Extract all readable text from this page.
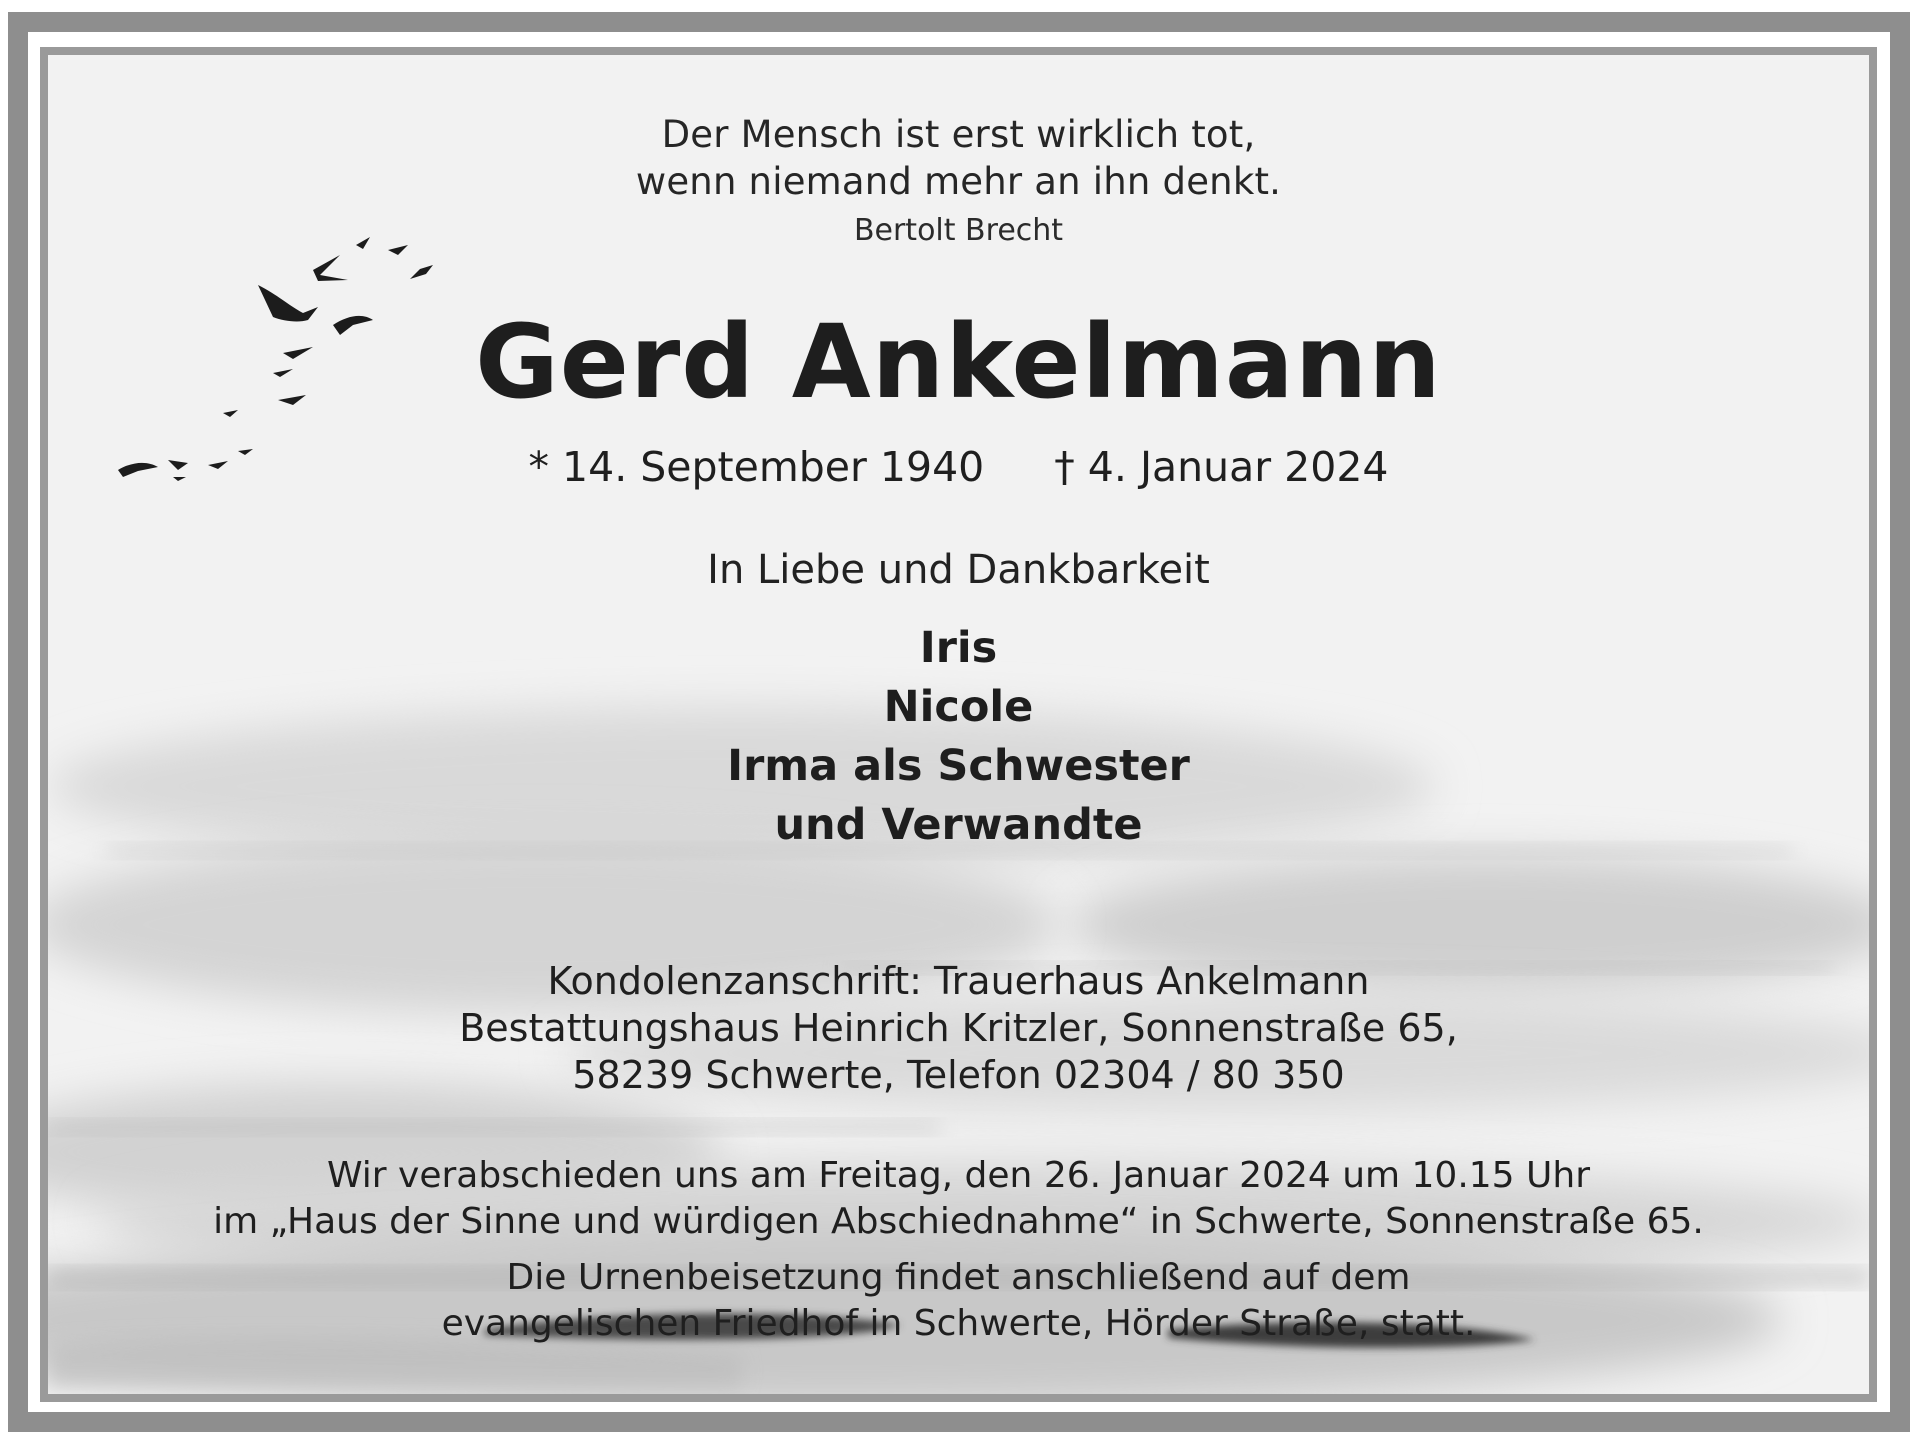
Der Mensch ist erst wirklich tot,
wenn niemand mehr an ihn denkt.
Bertolt Brecht
Gerd Ankelmann
* 14. September 1940 † 4. Januar 2024
In Liebe und Dankbarkeit
Iris
Nicole
Irma als Schwester
und Verwandte
Kondolenzanschrift: Trauerhaus Ankelmann
Bestattungshaus Heinrich Kritzler, Sonnenstraße 65,
58239 Schwerte, Telefon 02304 / 80 350
Wir verabschieden uns am Freitag, den 26. Januar 2024 um 10.15 Uhr
im „Haus der Sinne und würdigen Abschiednahme“ in Schwerte, Sonnenstraße 65.
Die Urnenbeisetzung findet anschließend auf dem
evangelischen Friedhof in Schwerte, Hörder Straße, statt.
